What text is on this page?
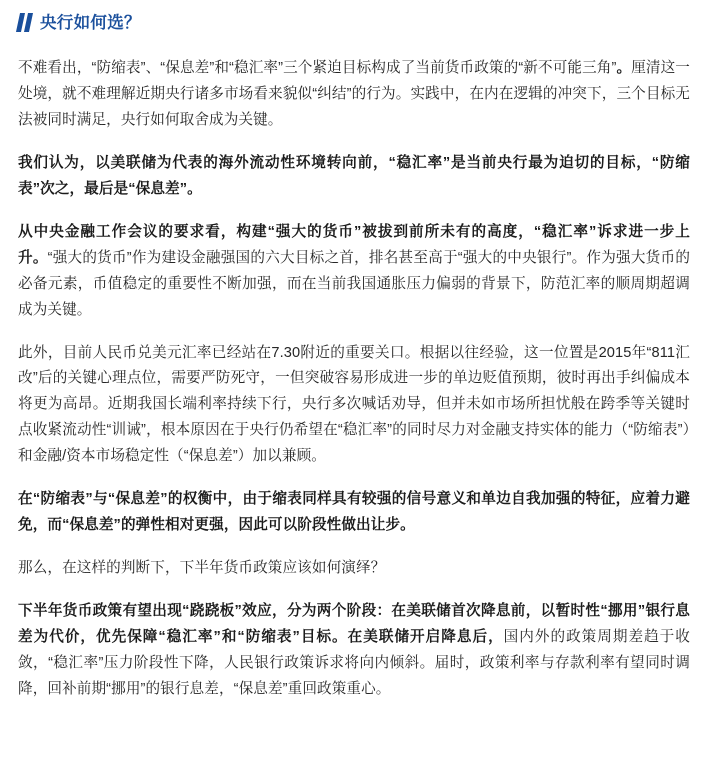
央行如何选？

不难看出，“防缩表”、“保息差”和“稳汇率”三个紧迫目标构成了当前货币政策的“新不可能三角”。厘清这一处境，就不难理解近期央行诸多市场看来貌似“纠结”的行为。实践中，在内在逻辑的冲突下，三个目标无法被同时满足，央行如何取舍成为关键。

我们认为，以美联储为代表的海外流动性环境转向前，“稳汇率”是当前央行最为迫切的目标，“防缩表”次之，最后是“保息差”。

从中央金融工作会议的要求看，构建“强大的货币”被拔到前所未有的高度，“稳汇率”诉求进一步上升。“强大的货币”作为建设金融强国的六大目标之首，排名甚至高于“强大的中央银行”。作为强大货币的必备元素，币值稳定的重要性不断加强，而在当前我国通胀压力偏弱的背景下，防范汇率的顺周期超调成为关键。

此外，目前人民币兑美元汇率已经站在7.30附近的重要关口。根据以往经验，这一位置是2015年“811汇改”后的关键心理点位，需要严防死守，一但突破容易形成进一步的单边贬值预期，彼时再出手纠偏成本将更为高昂。近期我国长端利率持续下行，央行多次喊话劝导，但并未如市场所担忧般在跨季等关键时点收紧流动性“训诫”，根本原因在于央行仍希望在“稳汇率”的同时尽力对金融支持实体的能力（“防缩表”）和金融/资本市场稳定性（“保息差”）加以兼顾。

在“防缩表”与“保息差”的权衡中，由于缩表同样具有较强的信号意义和单边自我加强的特征，应着力避免，而“保息差”的弹性相对更强，因此可以阶段性做出让步。

那么，在这样的判断下，下半年货币政策应该如何演绎？

下半年货币政策有望出现“跷跷板”效应，分为两个阶段：在美联储首次降息前，以暂时性“挪用”银行息差为代价，优先保障“稳汇率”和“防缩表”目标。在美联储开启降息后，国内外的政策周期差趋于收敛，“稳汇率”压力阶段性下降，人民银行政策诉求将向内倾斜。届时，政策利率与存款利率有望同时调降，回补前期“挪用”的银行息差，“保息差”重回政策重心。
